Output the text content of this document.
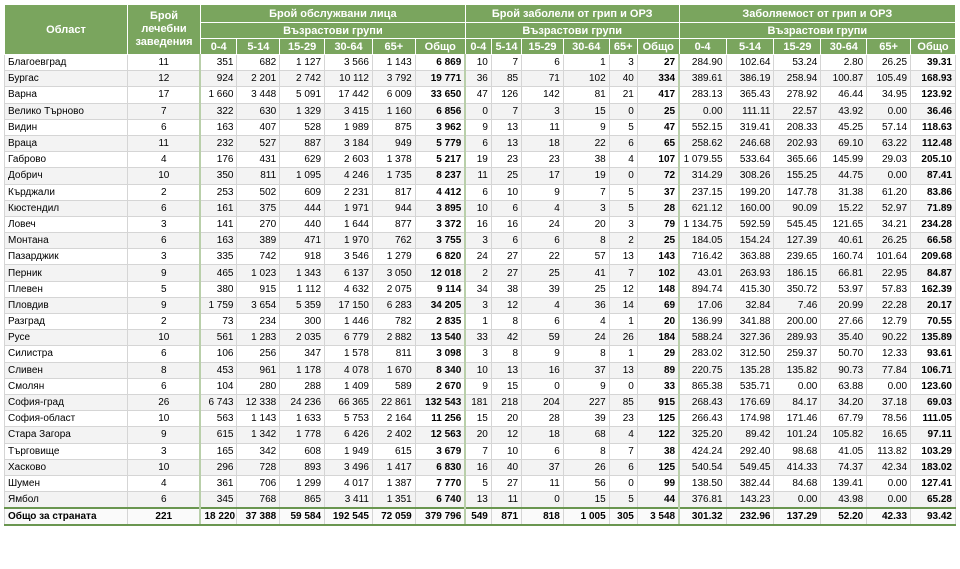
Област	Брой лечебни заведения	Брой обслужвани лица						Брой заболели от грип и ОРЗ						Заболяемост от грип и ОРЗ					
		Възрастови групи						Възрастови групи						Възрастови групи					
		0-4	5-14	15-29	30-64	65+	Общо	0-4	5-14	15-29	30-64	65+	Общо	0-4	5-14	15-29	30-64	65+	Общо
Благоевград	11	351	682	1 127	3 566	1 143	6 869	10	7	6	1	3	27	284.90	102.64	53.24	2.80	26.25	39.31
Бургас	12	924	2 201	2 742	10 112	3 792	19 771	36	85	71	102	40	334	389.61	386.19	258.94	100.87	105.49	168.93
Варна	17	1 660	3 448	5 091	17 442	6 009	33 650	47	126	142	81	21	417	283.13	365.43	278.92	46.44	34.95	123.92
Велико Търново	7	322	630	1 329	3 415	1 160	6 856	0	7	3	15	0	25	0.00	111.11	22.57	43.92	0.00	36.46
Видин	6	163	407	528	1 989	875	3 962	9	13	11	9	5	47	552.15	319.41	208.33	45.25	57.14	118.63
Враца	11	232	527	887	3 184	949	5 779	6	13	18	22	6	65	258.62	246.68	202.93	69.10	63.22	112.48
Габрово	4	176	431	629	2 603	1 378	5 217	19	23	23	38	4	107	1 079.55	533.64	365.66	145.99	29.03	205.10
Добрич	10	350	811	1 095	4 246	1 735	8 237	11	25	17	19	0	72	314.29	308.26	155.25	44.75	0.00	87.41
Кърджали	2	253	502	609	2 231	817	4 412	6	10	9	7	5	37	237.15	199.20	147.78	31.38	61.20	83.86
Кюстендил	6	161	375	444	1 971	944	3 895	10	6	4	3	5	28	621.12	160.00	90.09	15.22	52.97	71.89
Ловеч	3	141	270	440	1 644	877	3 372	16	16	24	20	3	79	1 134.75	592.59	545.45	121.65	34.21	234.28
Монтана	6	163	389	471	1 970	762	3 755	3	6	6	8	2	25	184.05	154.24	127.39	40.61	26.25	66.58
Пазарджик	3	335	742	918	3 546	1 279	6 820	24	27	22	57	13	143	716.42	363.88	239.65	160.74	101.64	209.68
Перник	9	465	1 023	1 343	6 137	3 050	12 018	2	27	25	41	7	102	43.01	263.93	186.15	66.81	22.95	84.87
Плевен	5	380	915	1 112	4 632	2 075	9 114	34	38	39	25	12	148	894.74	415.30	350.72	53.97	57.83	162.39
Пловдив	9	1 759	3 654	5 359	17 150	6 283	34 205	3	12	4	36	14	69	17.06	32.84	7.46	20.99	22.28	20.17
Разград	2	73	234	300	1 446	782	2 835	1	8	6	4	1	20	136.99	341.88	200.00	27.66	12.79	70.55
Русе	10	561	1 283	2 035	6 779	2 882	13 540	33	42	59	24	26	184	588.24	327.36	289.93	35.40	90.22	135.89
Силистра	6	106	256	347	1 578	811	3 098	3	8	9	8	1	29	283.02	312.50	259.37	50.70	12.33	93.61
Сливен	8	453	961	1 178	4 078	1 670	8 340	10	13	16	37	13	89	220.75	135.28	135.82	90.73	77.84	106.71
Смолян	6	104	280	288	1 409	589	2 670	9	15	0	9	0	33	865.38	535.71	0.00	63.88	0.00	123.60
София-град	26	6 743	12 338	24 236	66 365	22 861	132 543	181	218	204	227	85	915	268.43	176.69	84.17	34.20	37.18	69.03
София-област	10	563	1 143	1 633	5 753	2 164	11 256	15	20	28	39	23	125	266.43	174.98	171.46	67.79	78.56	111.05
Стара Загора	9	615	1 342	1 778	6 426	2 402	12 563	20	12	18	68	4	122	325.20	89.42	101.24	105.82	16.65	97.11
Търговище	3	165	342	608	1 949	615	3 679	7	10	6	8	7	38	424.24	292.40	98.68	41.05	113.82	103.29
Хасково	10	296	728	893	3 496	1 417	6 830	16	40	37	26	6	125	540.54	549.45	414.33	74.37	42.34	183.02
Шумен	4	361	706	1 299	4 017	1 387	7 770	5	27	11	56	0	99	138.50	382.44	84.68	139.41	0.00	127.41
Ямбол	6	345	768	865	3 411	1 351	6 740	13	11	0	15	5	44	376.81	143.23	0.00	43.98	0.00	65.28
Общо за страната	221	18 220	37 388	59 584	192 545	72 059	379 796	549	871	818	1 005	305	3 548	301.32	232.96	137.29	52.20	42.33	93.42
